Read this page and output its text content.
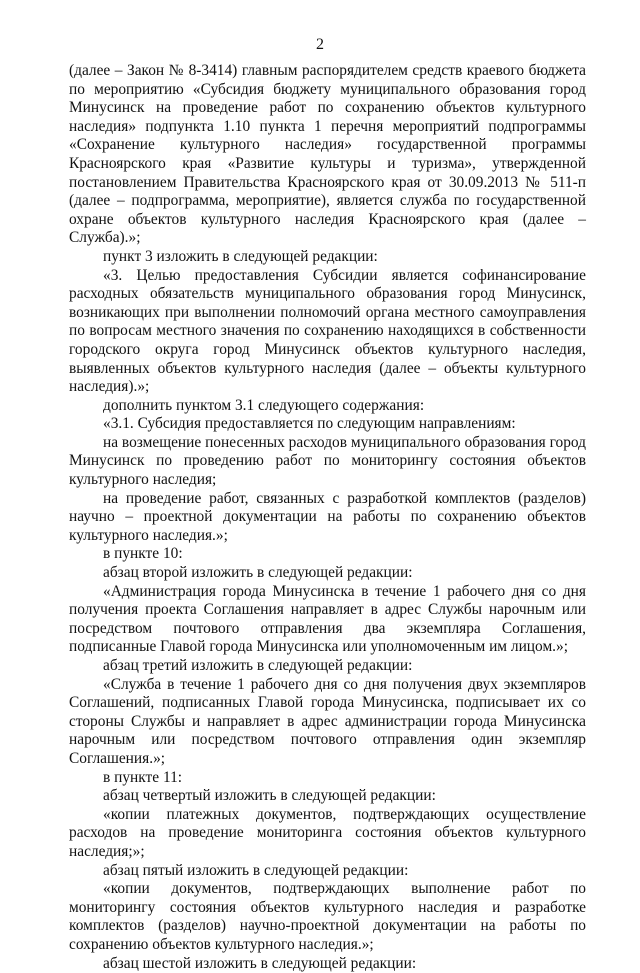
2

(далее – Закон № 8-3414) главным распорядителем средств краевого бюджета по мероприятию «Субсидия бюджету муниципального образования город Минусинск на проведение работ по сохранению объектов культурного наследия» подпункта 1.10 пункта 1 перечня мероприятий подпрограммы «Сохранение культурного наследия» государственной программы Красноярского края «Развитие культуры и туризма», утвержденной постановлением Правительства Красноярского края от 30.09.2013 № 511-п (далее – подпрограмма, мероприятие), является служба по государственной охране объектов культурного наследия Красноярского края (далее – Служба).»;

пункт 3 изложить в следующей редакции:

«3. Целью предоставления Субсидии является софинансирование расходных обязательств муниципального образования город Минусинск, возникающих при выполнении полномочий органа местного самоуправления по вопросам местного значения по сохранению находящихся в собственности городского округа город Минусинск объектов культурного наследия, выявленных объектов культурного наследия (далее – объекты культурного наследия).»;

дополнить пунктом 3.1 следующего содержания:

«3.1. Субсидия предоставляется по следующим направлениям:

на возмещение понесенных расходов муниципального образования город Минусинск по проведению работ по мониторингу состояния объектов культурного наследия;

на проведение работ, связанных с разработкой комплектов (разделов) научно – проектной документации на работы по сохранению объектов культурного наследия.»;

в пункте 10:

абзац второй изложить в следующей редакции:

«Администрация города Минусинска в течение 1 рабочего дня со дня получения проекта Соглашения направляет в адрес Службы нарочным или посредством почтового отправления два экземпляра Соглашения, подписанные Главой города Минусинска или уполномоченным им лицом.»;

абзац третий изложить в следующей редакции:

«Служба в течение 1 рабочего дня со дня получения двух экземпляров Соглашений, подписанных Главой города Минусинска, подписывает их со стороны Службы и направляет в адрес администрации города Минусинска нарочным или посредством почтового отправления один экземпляр Соглашения.»;

в пункте 11:

абзац четвертый изложить в следующей редакции:

«копии платежных документов, подтверждающих осуществление расходов на проведение мониторинга состояния объектов культурного наследия;»;

абзац пятый изложить в следующей редакции:

«копии документов, подтверждающих выполнение работ по мониторингу состояния объектов культурного наследия и разработке комплектов (разделов) научно-проектной документации на работы по сохранению объектов культурного наследия.»;

абзац шестой изложить в следующей редакции:
